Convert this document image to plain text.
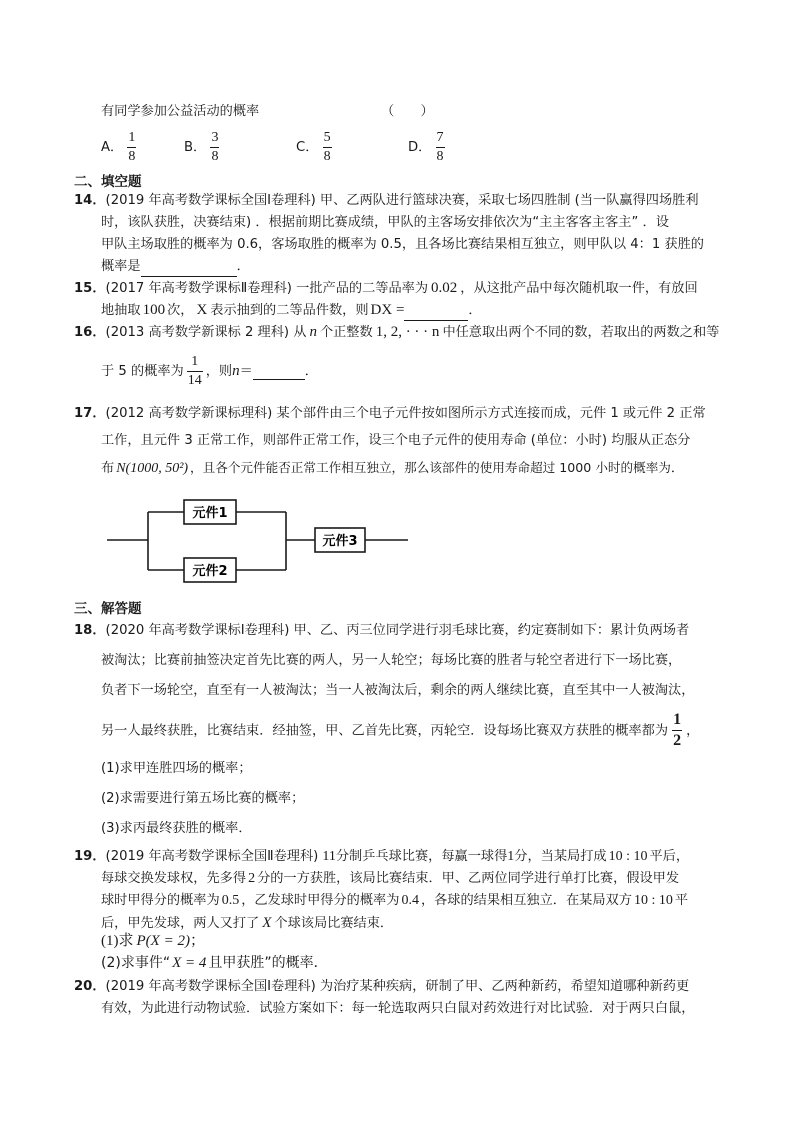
有同学参加公益活动的概率	（　　）
A． $\frac{1}{8}$	B． $\frac{3}{8}$	C． $\frac{5}{8}$	D． $\frac{7}{8}$
二、填空题
14．(2019 年高考数学课标全国Ⅰ卷理科) 甲、乙两队进行篮球决赛，采取七场四胜制 (当一队赢得四场胜利
时，该队获胜，决赛结束) ．根据前期比赛成绩，甲队的主客场安排依次为“主主客客主客主” ．设
甲队主场取胜的概率为 0.6，客场取胜的概率为 0.5，且各场比赛结果相互独立，则甲队以 4：1 获胜的
概率是	．
15．(2017 年高考数学课标Ⅱ卷理科) 一批产品的二等品率为 0.02 ，从这批产品中每次随机取一件，有放回
地抽取 100 次， X 表示抽到的二等品件数，则 DX =	．
16．(2013 高考数学新课标 2 理科) 从 n 个正整数 1, 2, · · · n 中任意取出两个不同的数，若取出的两数之和等
于 5 的概率为 $\frac{1}{14}$ ，则n＝	．
17．(2012 高考数学新课标理科) 某个部件由三个电子元件按如图所示方式连接而成，元件 1 或元件 2 正常
工作，且元件 3 正常工作，则部件正常工作，设三个电子元件的使用寿命 (单位：小时) 均服从正态分
布 N(1000, 50²) ，且各个元件能否正常工作相互独立，那么该部件的使用寿命超过 1000 小时的概率为．
元件1
元件2
元件3
三、解答题
18．(2020 年高考数学课标Ⅰ卷理科) 甲、乙、丙三位同学进行羽毛球比赛，约定赛制如下：累计负两场者
被淘汰；比赛前抽签决定首先比赛的两人，另一人轮空；每场比赛的胜者与轮空者进行下一场比赛，
负者下一场轮空，直至有一人被淘汰；当一人被淘汰后，剩余的两人继续比赛，直至其中一人被淘汰，
另一人最终获胜，比赛结束．经抽签，甲、乙首先比赛，丙轮空．设每场比赛双方获胜的概率都为 $\frac{1}{2}$ ，
(1)求甲连胜四场的概率；
(2)求需要进行第五场比赛的概率；
(3)求丙最终获胜的概率．
19．(2019 年高考数学课标全国Ⅱ卷理科) 11分制乒乓球比赛，每赢一球得1分，当某局打成 10 : 10 平后，
每球交换发球权，先多得 2 分的一方获胜，该局比赛结束．甲、乙两位同学进行单打比赛，假设甲发
球时甲得分的概率为 0.5 ，乙发球时甲得分的概率为 0.4 ，各球的结果相互独立．在某局双方 10 : 10 平
后，甲先发球，两人又打了 X 个球该局比赛结束．
(1)求 P(X = 2)；
(2)求事件“ X = 4 且甲获胜”的概率．
20．(2019 年高考数学课标全国Ⅰ卷理科) 为治疗某种疾病，研制了甲、乙两种新药，希望知道哪种新药更
有效，为此进行动物试验．试验方案如下：每一轮选取两只白鼠对药效进行对比试验．对于两只白鼠，
